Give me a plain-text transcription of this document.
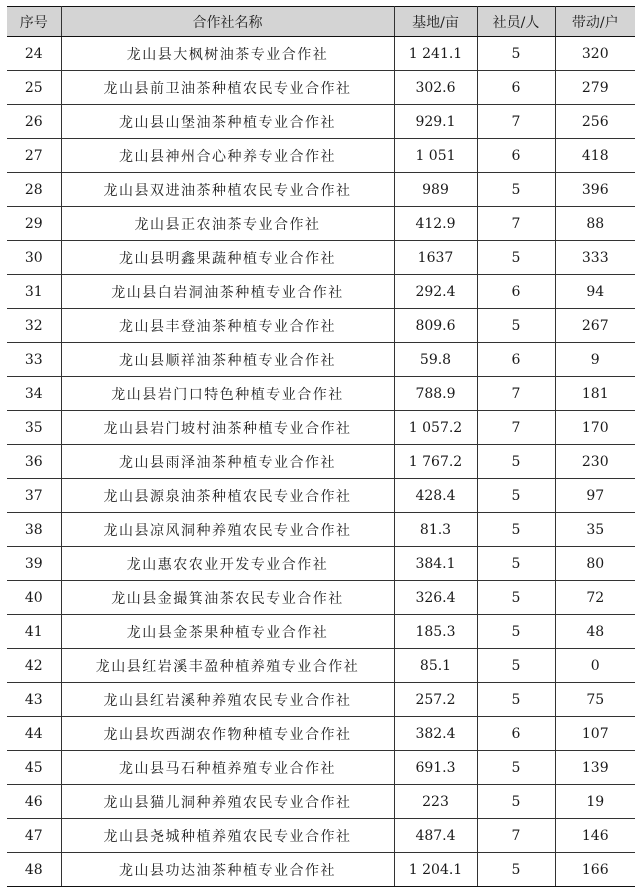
序号	合作社名称	基地/亩	社员/人	带动/户
24	龙山县大枫树油茶专业合作社	1 241.1	5	320
25	龙山县前卫油茶种植农民专业合作社	302.6	6	279
26	龙山县山堡油茶种植专业合作社	929.1	7	256
27	龙山县神州合心种养专业合作社	1 051	6	418
28	龙山县双进油茶种植农民专业合作社	989	5	396
29	龙山县正农油茶专业合作社	412.9	7	88
30	龙山县明鑫果蔬种植专业合作社	1637	5	333
31	龙山县白岩洞油茶种植专业合作社	292.4	6	94
32	龙山县丰登油茶种植专业合作社	809.6	5	267
33	龙山县顺祥油茶种植专业合作社	59.8	6	9
34	龙山县岩门口特色种植专业合作社	788.9	7	181
35	龙山县岩门坡村油茶种植专业合作社	1 057.2	7	170
36	龙山县雨泽油茶种植专业合作社	1 767.2	5	230
37	龙山县源泉油茶种植农民专业合作社	428.4	5	97
38	龙山县凉风洞种养殖农民专业合作社	81.3	5	35
39	龙山惠农农业开发专业合作社	384.1	5	80
40	龙山县金撮箕油茶农民专业合作社	326.4	5	72
41	龙山县金茶果种植专业合作社	185.3	5	48
42	龙山县红岩溪丰盈种植养殖专业合作社	85.1	5	0
43	龙山县红岩溪种养殖农民专业合作社	257.2	5	75
44	龙山县坎西湖农作物种植专业合作社	382.4	6	107
45	龙山县马石种植养殖专业合作社	691.3	5	139
46	龙山县猫儿洞种养殖农民专业合作社	223	5	19
47	龙山县尧城种植养殖农民专业合作社	487.4	7	146
48	龙山县功达油茶种植专业合作社	1 204.1	5	166
